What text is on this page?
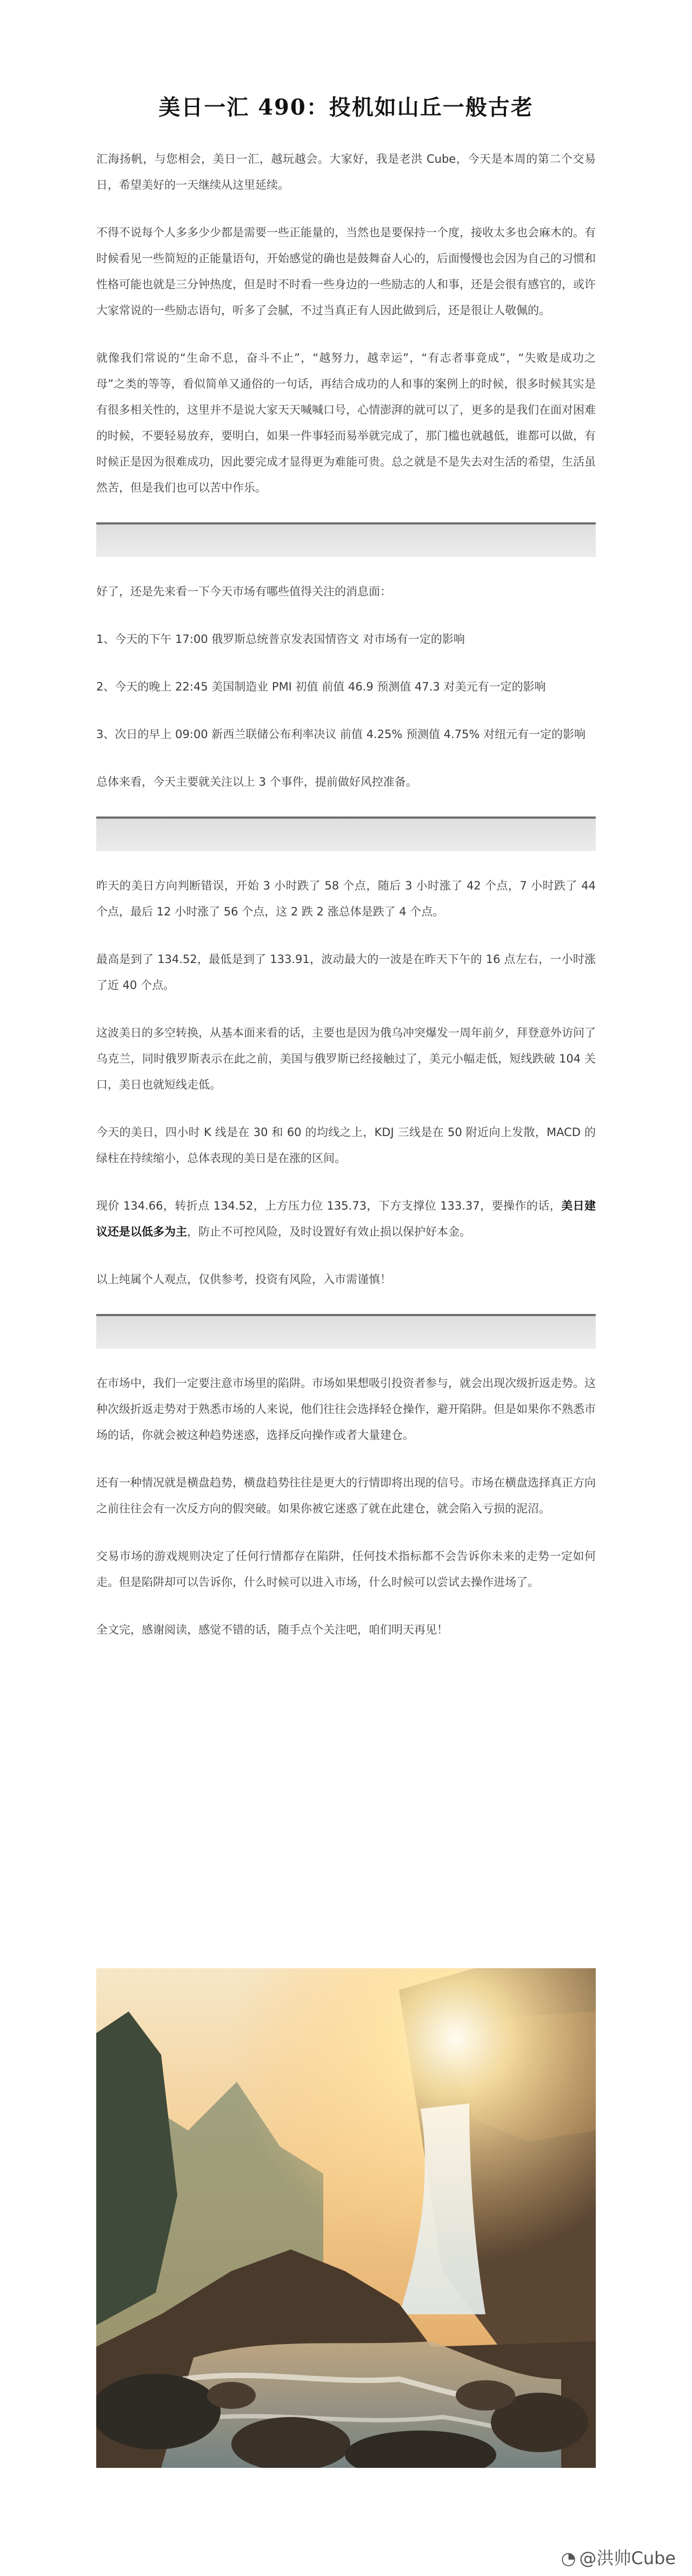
美日一汇 490：投机如山丘一般古老

汇海扬帆，与您相会，美日一汇，越玩越会。大家好，我是老洪 Cube，今天是本周的第二个交易日，希望美好的一天继续从这里延续。

不得不说每个人多多少少都是需要一些正能量的，当然也是要保持一个度，接收太多也会麻木的。有时候看见一些简短的正能量语句，开始感觉的确也是鼓舞奋人心的，后面慢慢也会因为自己的习惯和性格可能也就是三分钟热度，但是时不时看一些身边的一些励志的人和事，还是会很有感官的，或许大家常说的一些励志语句，听多了会腻，不过当真正有人因此做到后，还是很让人敬佩的。

就像我们常说的“生命不息，奋斗不止”，“越努力，越幸运”，“有志者事竟成”，“失败是成功之母”之类的等等，看似简单又通俗的一句话，再结合成功的人和事的案例上的时候，很多时候其实是有很多相关性的，这里并不是说大家天天喊喊口号，心情澎湃的就可以了，更多的是我们在面对困难的时候，不要轻易放弃，要明白，如果一件事轻而易举就完成了，那门槛也就越低，谁都可以做，有时候正是因为很难成功，因此要完成才显得更为难能可贵。总之就是不是失去对生活的希望，生活虽然苦，但是我们也可以苦中作乐。

好了，还是先来看一下今天市场有哪些值得关注的消息面：

1、今天的下午 17:00 俄罗斯总统普京发表国情咨文 对市场有一定的影响

2、今天的晚上 22:45 美国制造业 PMI 初值 前值 46.9 预测值 47.3 对美元有一定的影响

3、次日的早上 09:00 新西兰联储公布利率决议 前值 4.25% 预测值 4.75% 对纽元有一定的影响

总体来看，今天主要就关注以上 3 个事件，提前做好风控准备。

昨天的美日方向判断错误，开始 3 小时跌了 58 个点，随后 3 小时涨了 42 个点，7 小时跌了 44 个点，最后 12 小时涨了 56 个点，这 2 跌 2 涨总体是跌了 4 个点。

最高是到了 134.52，最低是到了 133.91，波动最大的一波是在昨天下午的 16 点左右，一小时涨了近 40 个点。

这波美日的多空转换，从基本面来看的话，主要也是因为俄乌冲突爆发一周年前夕，拜登意外访问了乌克兰，同时俄罗斯表示在此之前，美国与俄罗斯已经接触过了，美元小幅走低，短线跌破 104 关口，美日也就短线走低。

今天的美日，四小时 K 线是在 30 和 60 的均线之上，KDJ 三线是在 50 附近向上发散，MACD 的绿柱在持续缩小，总体表现的美日是在涨的区间。

现价 134.66，转折点 134.52，上方压力位 135.73，下方支撑位 133.37，要操作的话，美日建议还是以低多为主，防止不可控风险，及时设置好有效止损以保护好本金。

以上纯属个人观点，仅供参考，投资有风险，入市需谨慎！

在市场中，我们一定要注意市场里的陷阱。市场如果想吸引投资者参与，就会出现次级折返走势。这种次级折返走势对于熟悉市场的人来说，他们往往会选择轻仓操作，避开陷阱。但是如果你不熟悉市场的话，你就会被这种趋势迷惑，选择反向操作或者大量建仓。

还有一种情况就是横盘趋势，横盘趋势往往是更大的行情即将出现的信号。市场在横盘选择真正方向之前往往会有一次反方向的假突破。如果你被它迷惑了就在此建仓，就会陷入亏损的泥沼。

交易市场的游戏规则决定了任何行情都存在陷阱，任何技术指标都不会告诉你未来的走势一定如何走。但是陷阱却可以告诉你，什么时候可以进入市场，什么时候可以尝试去操作进场了。

全文完，感谢阅读，感觉不错的话，随手点个关注吧，咱们明天再见！

◔ @洪帅Cube
